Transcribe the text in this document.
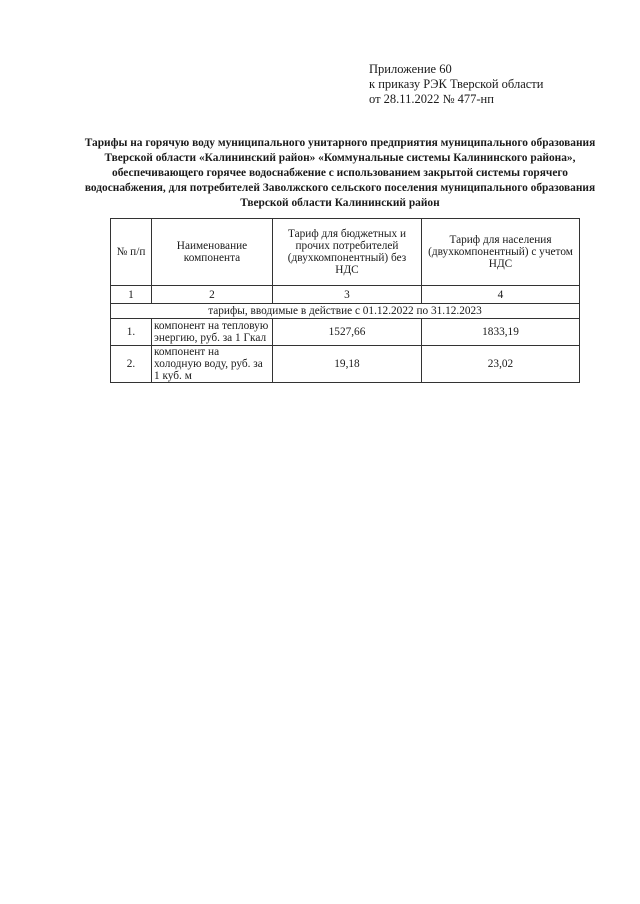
Приложение 60
к приказу РЭК Тверской области
от 28.11.2022 № 477-нп
Тарифы на горячую воду муниципального унитарного предприятия муниципального образования
Тверской области «Калининский район» «Коммунальные системы Калининского района»,
обеспечивающего горячее водоснабжение с использованием закрытой системы горячего
водоснабжения, для потребителей Заволжского сельского поселения муниципального образования
Тверской области Калининский район
№ п/п	Наименование компонента	Тариф для бюджетных и прочих потребителей (двухкомпонентный) без НДС	Тариф для населения (двухкомпонентный) с учетом НДС
1	2	3	4
тарифы, вводимые в действие с 01.12.2022 по 31.12.2023			
1.	компонент на тепловую энергию, руб. за 1 Гкал	1527,66	1833,19
2.	компонент на холодную воду, руб. за 1 куб. м	19,18	23,02
